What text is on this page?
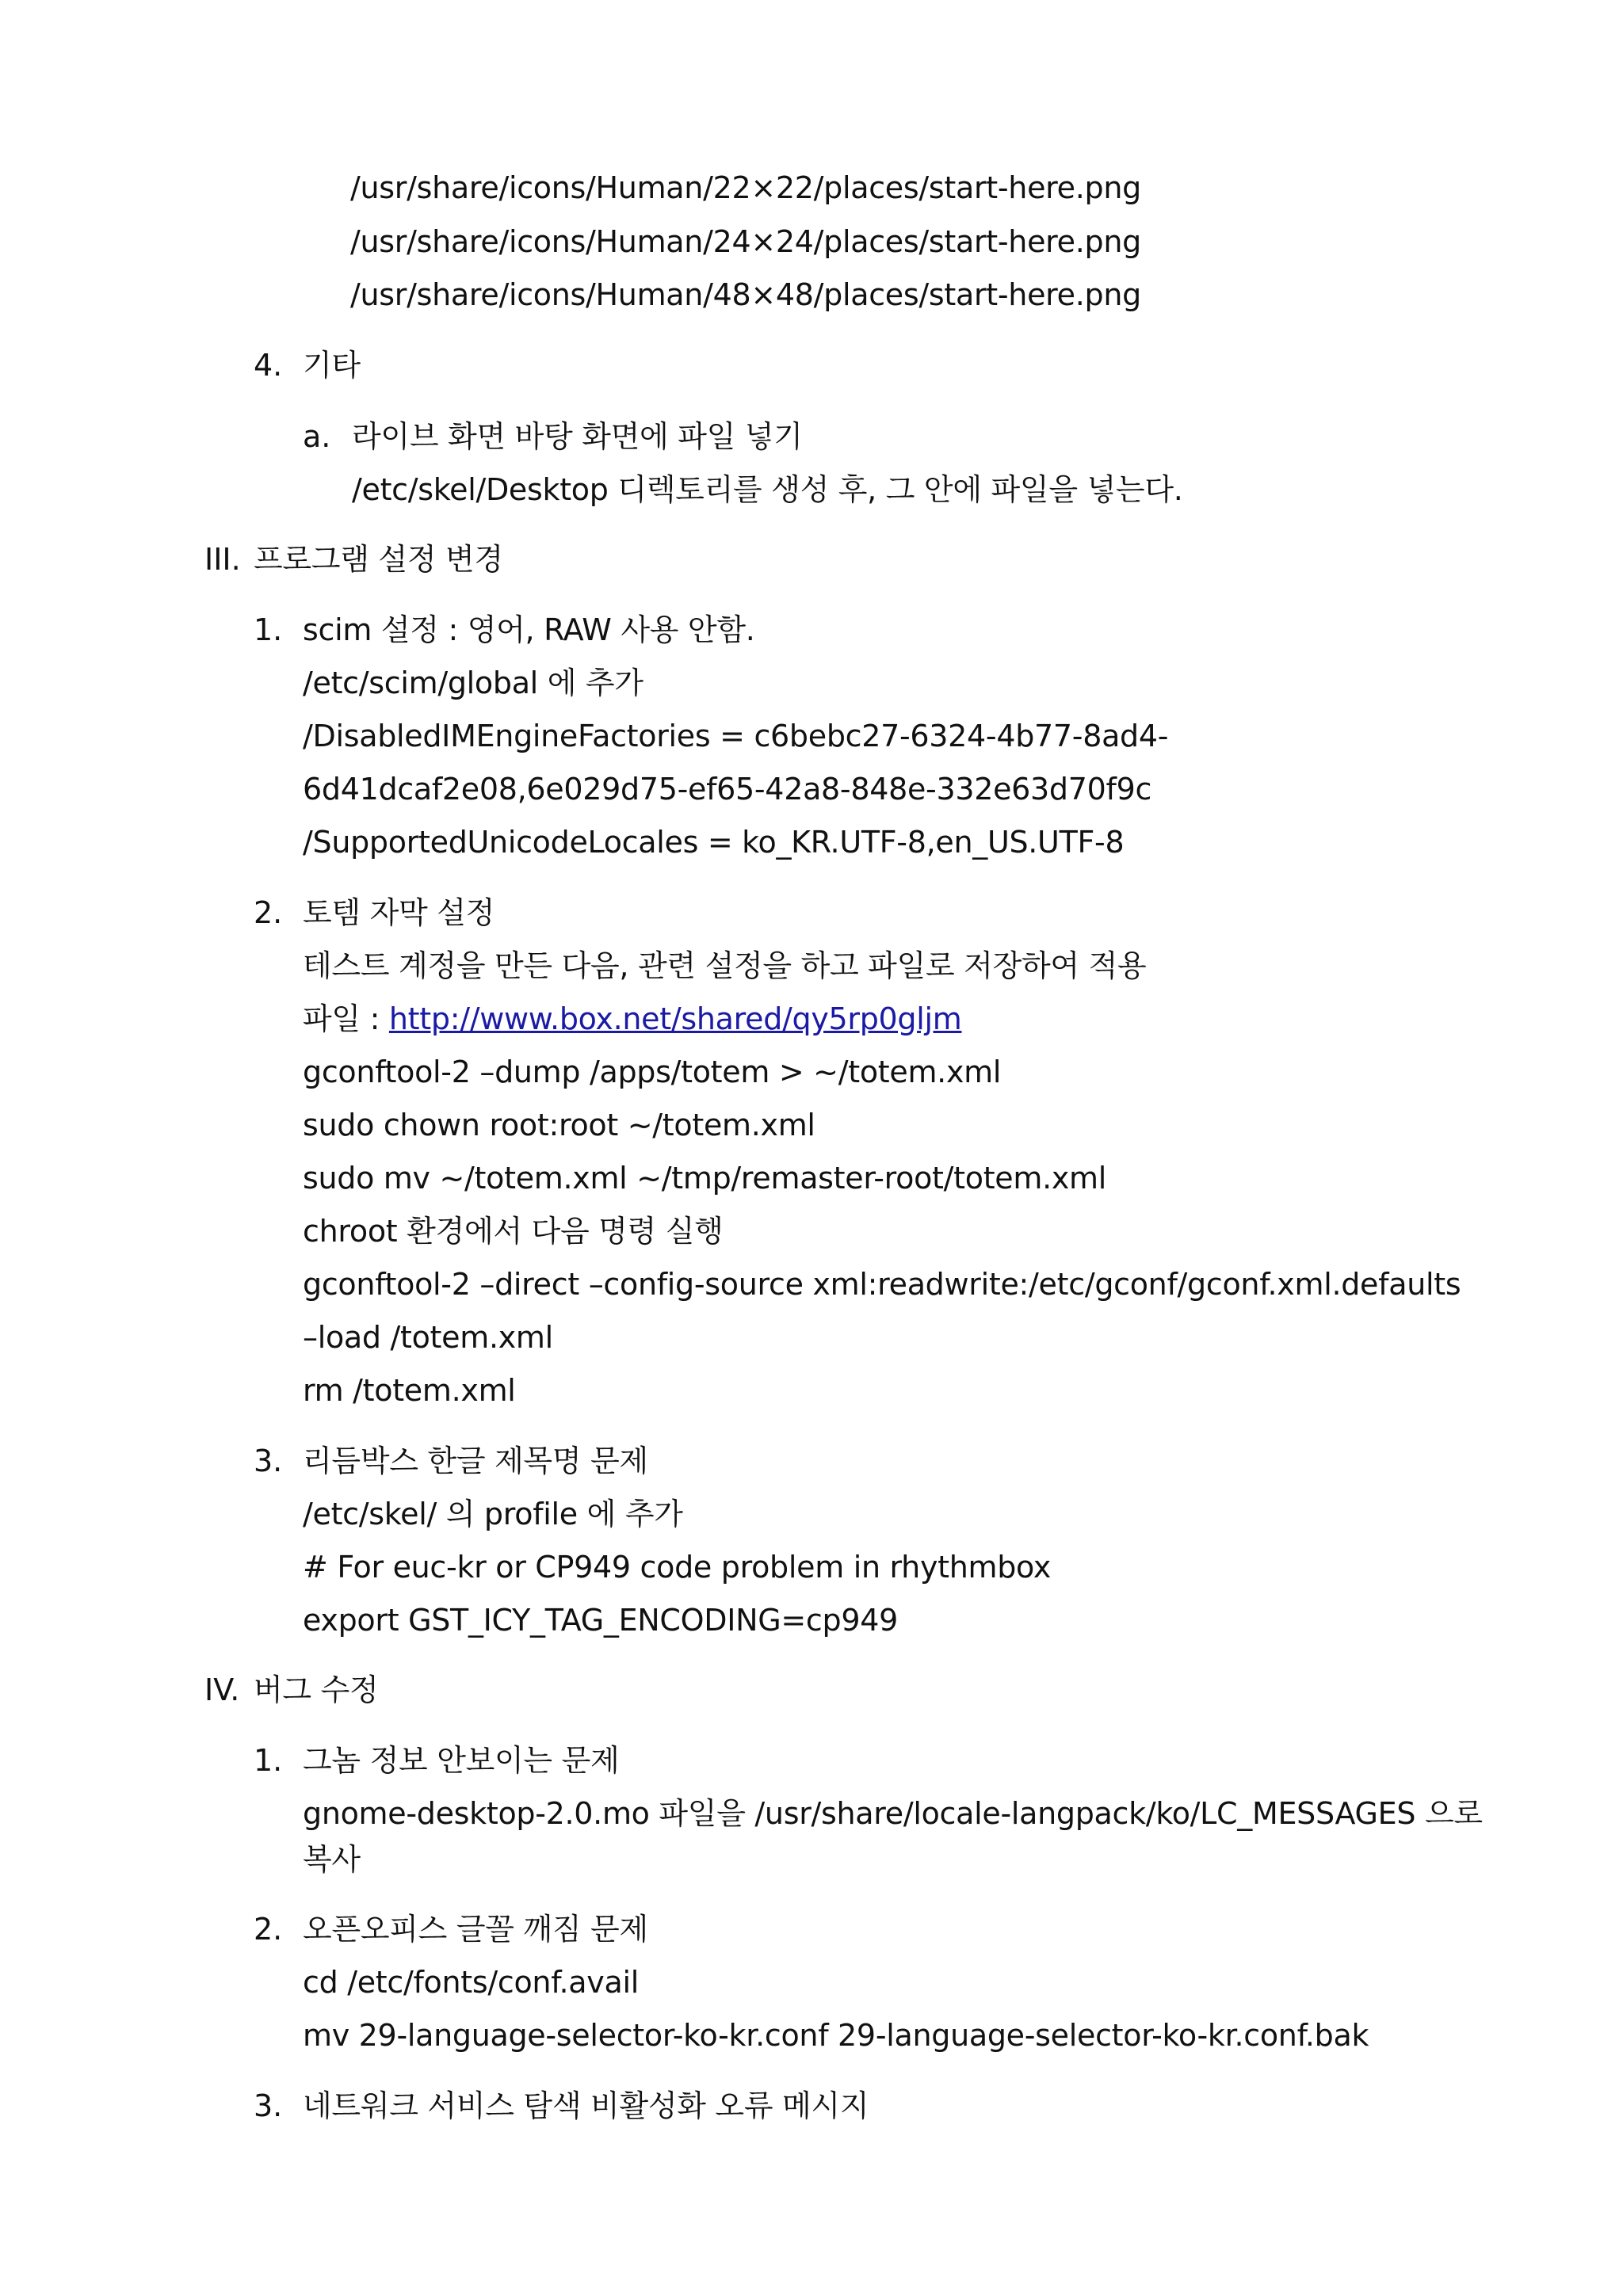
/usr/share/icons/Human/22×22/places/start-here.png
/usr/share/icons/Human/24×24/places/start-here.png
/usr/share/icons/Human/48×48/places/start-here.png
4. 기타
a. 라이브 화면 바탕 화면에 파일 넣기
/etc/skel/Desktop 디렉토리를 생성 후, 그 안에 파일을 넣는다.
III. 프로그램 설정 변경
1. scim 설정 : 영어, RAW 사용 안함.
/etc/scim/global 에 추가
/DisabledIMEngineFactories = c6bebc27-6324-4b77-8ad4-
6d41dcaf2e08,6e029d75-ef65-42a8-848e-332e63d70f9c
/SupportedUnicodeLocales = ko_KR.UTF-8,en_US.UTF-8
2. 토템 자막 설정
테스트 계정을 만든 다음, 관련 설정을 하고 파일로 저장하여 적용
파일 : http://www.box.net/shared/qy5rp0gljm
gconftool-2 –dump /apps/totem > ~/totem.xml
sudo chown root:root ~/totem.xml
sudo mv ~/totem.xml ~/tmp/remaster-root/totem.xml
chroot 환경에서 다음 명령 실행
gconftool-2 –direct –config-source xml:readwrite:/etc/gconf/gconf.xml.defaults
–load /totem.xml
rm /totem.xml
3. 리듬박스 한글 제목명 문제
/etc/skel/ 의 profile 에 추가
# For euc-kr or CP949 code problem in rhythmbox
export GST_ICY_TAG_ENCODING=cp949
IV. 버그 수정
1. 그놈 정보 안보이는 문제
gnome-desktop-2.0.mo 파일을 /usr/share/locale-langpack/ko/LC_MESSAGES 으로
복사
2. 오픈오피스 글꼴 깨짐 문제
cd /etc/fonts/conf.avail
mv 29-language-selector-ko-kr.conf 29-language-selector-ko-kr.conf.bak
3. 네트워크 서비스 탐색 비활성화 오류 메시지
